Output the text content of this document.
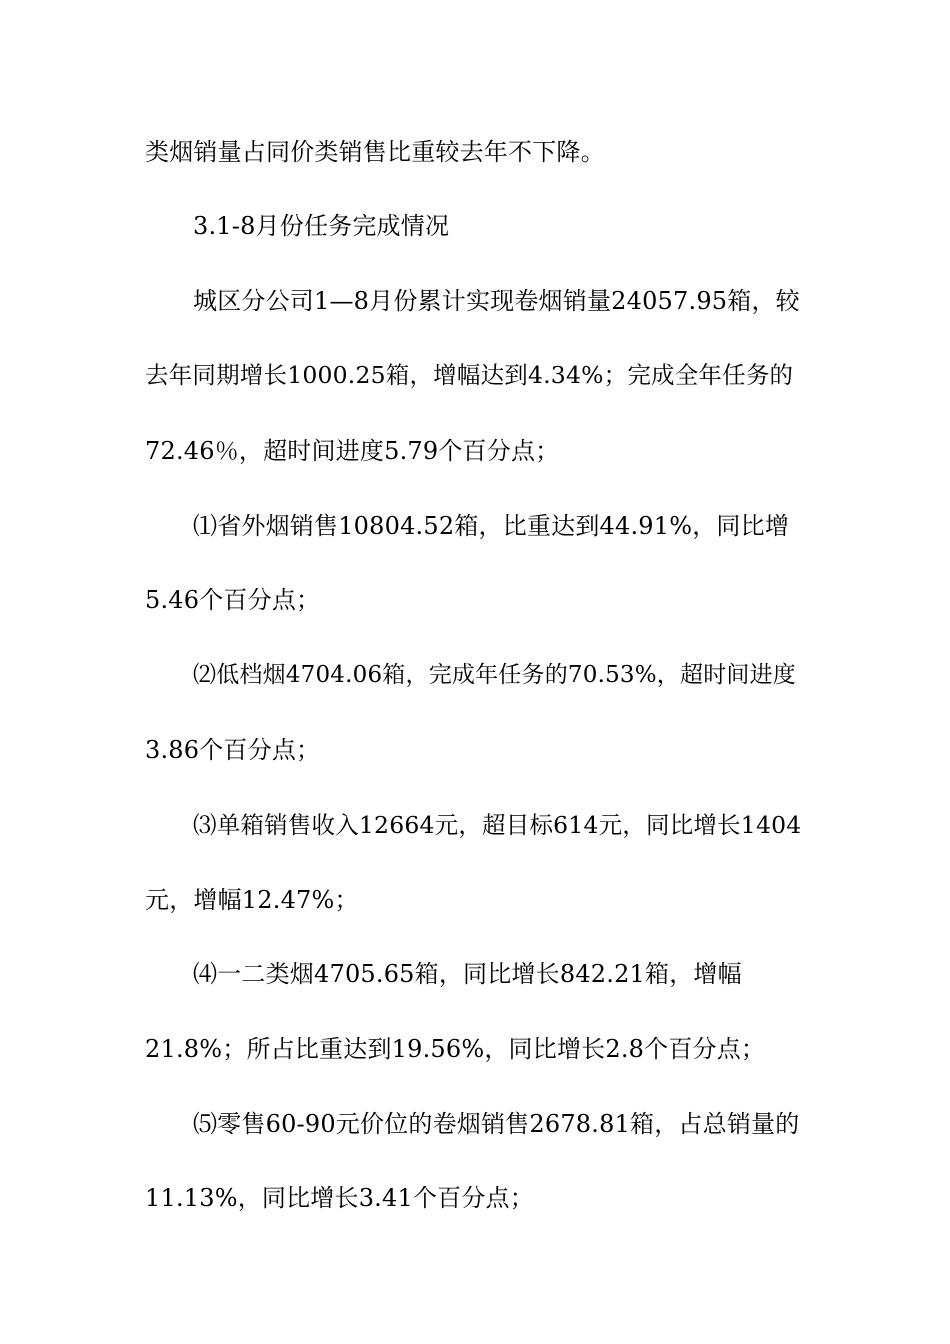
类烟销量占同价类销售比重较去年不下降。
3.1-8月份任务完成情况
城区分公司1—8月份累计实现卷烟销量24057.95箱，较
去年同期增长1000.25箱，增幅达到4.34%；完成全年任务的
72.46％，超时间进度5.79个百分点；
⑴省外烟销售10804.52箱，比重达到44.91%，同比增
5.46个百分点；
⑵低档烟4704.06箱，完成年任务的70.53%，超时间进度
3.86个百分点；
⑶单箱销售收入12664元，超目标614元，同比增长1404
元，增幅12.47%；
⑷一二类烟4705.65箱，同比增长842.21箱，增幅
21.8%；所占比重达到19.56%，同比增长2.8个百分点；
⑸零售60-90元价位的卷烟销售2678.81箱，占总销量的
11.13%，同比增长3.41个百分点；
